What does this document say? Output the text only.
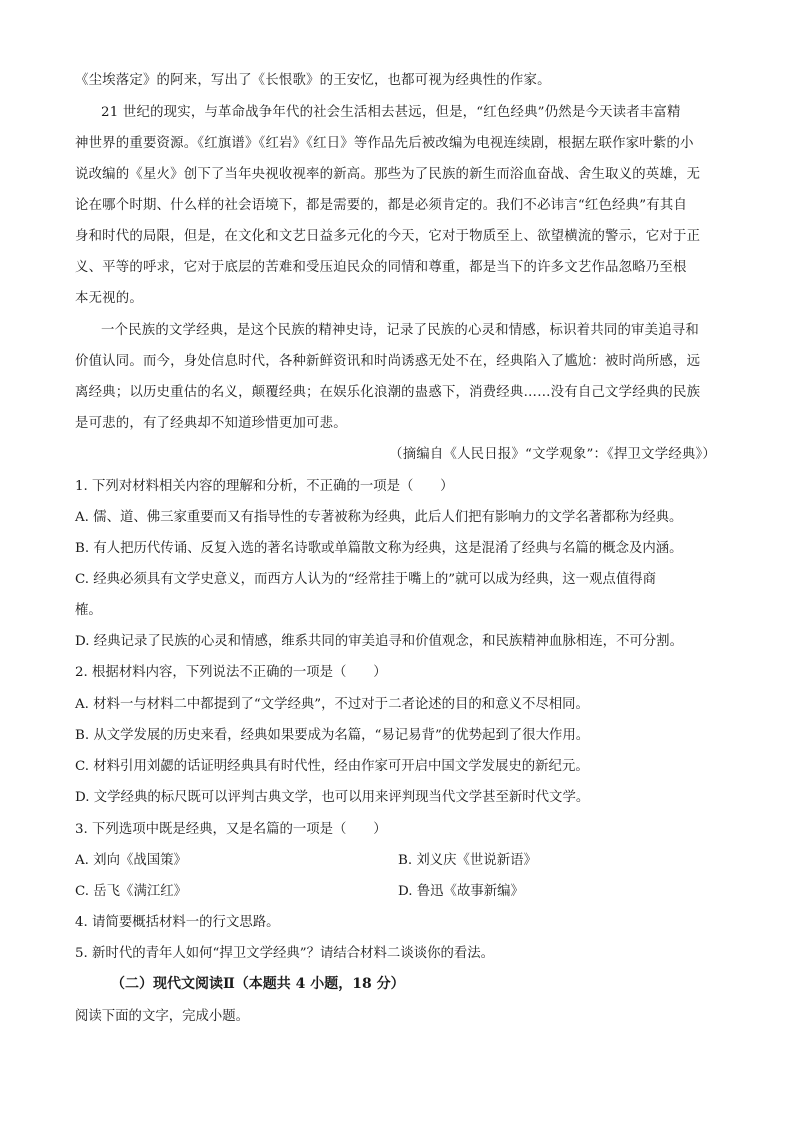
《尘埃落定》的阿来，写出了《长恨歌》的王安忆，也都可视为经典性的作家。
21 世纪的现实，与革命战争年代的社会生活相去甚远，但是，“红色经典”仍然是今天读者丰富精
神世界的重要资源。《红旗谱》《红岩》《红日》等作品先后被改编为电视连续剧，根据左联作家叶紫的小
说改编的《星火》创下了当年央视收视率的新高。那些为了民族的新生而浴血奋战、舍生取义的英雄，无
论在哪个时期、什么样的社会语境下，都是需要的，都是必须肯定的。我们不必讳言“红色经典”有其自
身和时代的局限，但是，在文化和文艺日益多元化的今天，它对于物质至上、欲望横流的警示，它对于正
义、平等的呼求，它对于底层的苦难和受压迫民众的同情和尊重，都是当下的许多文艺作品忽略乃至根
本无视的。
一个民族的文学经典，是这个民族的精神史诗，记录了民族的心灵和情感，标识着共同的审美追寻和
价值认同。而今，身处信息时代，各种新鲜资讯和时尚诱惑无处不在，经典陷入了尴尬：被时尚所感，远
离经典；以历史重估的名义，颠覆经典；在娱乐化浪潮的蛊惑下，消费经典……没有自己文学经典的民族
是可悲的，有了经典却不知道珍惜更加可悲。
（摘编自《人民日报》“文学观象”：《捍卫文学经典》）
1. 下列对材料相关内容的理解和分析，不正确的一项是（　　）
A. 儒、道、佛三家重要而又有指导性的专著被称为经典，此后人们把有影响力的文学名著都称为经典。
B. 有人把历代传诵、反复入选的著名诗歌或单篇散文称为经典，这是混淆了经典与名篇的概念及内涵。
C. 经典必须具有文学史意义，而西方人认为的“经常挂于嘴上的”就可以成为经典，这一观点值得商
榷。
D. 经典记录了民族的心灵和情感，维系共同的审美追寻和价值观念，和民族精神血脉相连，不可分割。
2. 根据材料内容，下列说法不正确的一项是（　　）
A. 材料一与材料二中都提到了“文学经典”，不过对于二者论述的目的和意义不尽相同。
B. 从文学发展的历史来看，经典如果要成为名篇，“易记易背”的优势起到了很大作用。
C. 材料引用刘勰的话证明经典具有时代性，经由作家可开启中国文学发展史的新纪元。
D. 文学经典的标尺既可以评判古典文学，也可以用来评判现当代文学甚至新时代文学。
3. 下列选项中既是经典，又是名篇的一项是（　　）
A. 刘向《战国策》	B. 刘义庆《世说新语》
C. 岳飞《满江红》	D. 鲁迅《故事新编》
4. 请简要概括材料一的行文思路。
5. 新时代的青年人如何“捍卫文学经典”？请结合材料二谈谈你的看法。
（二）现代文阅读Ⅱ（本题共 4 小题，18 分）
阅读下面的文字，完成小题。
